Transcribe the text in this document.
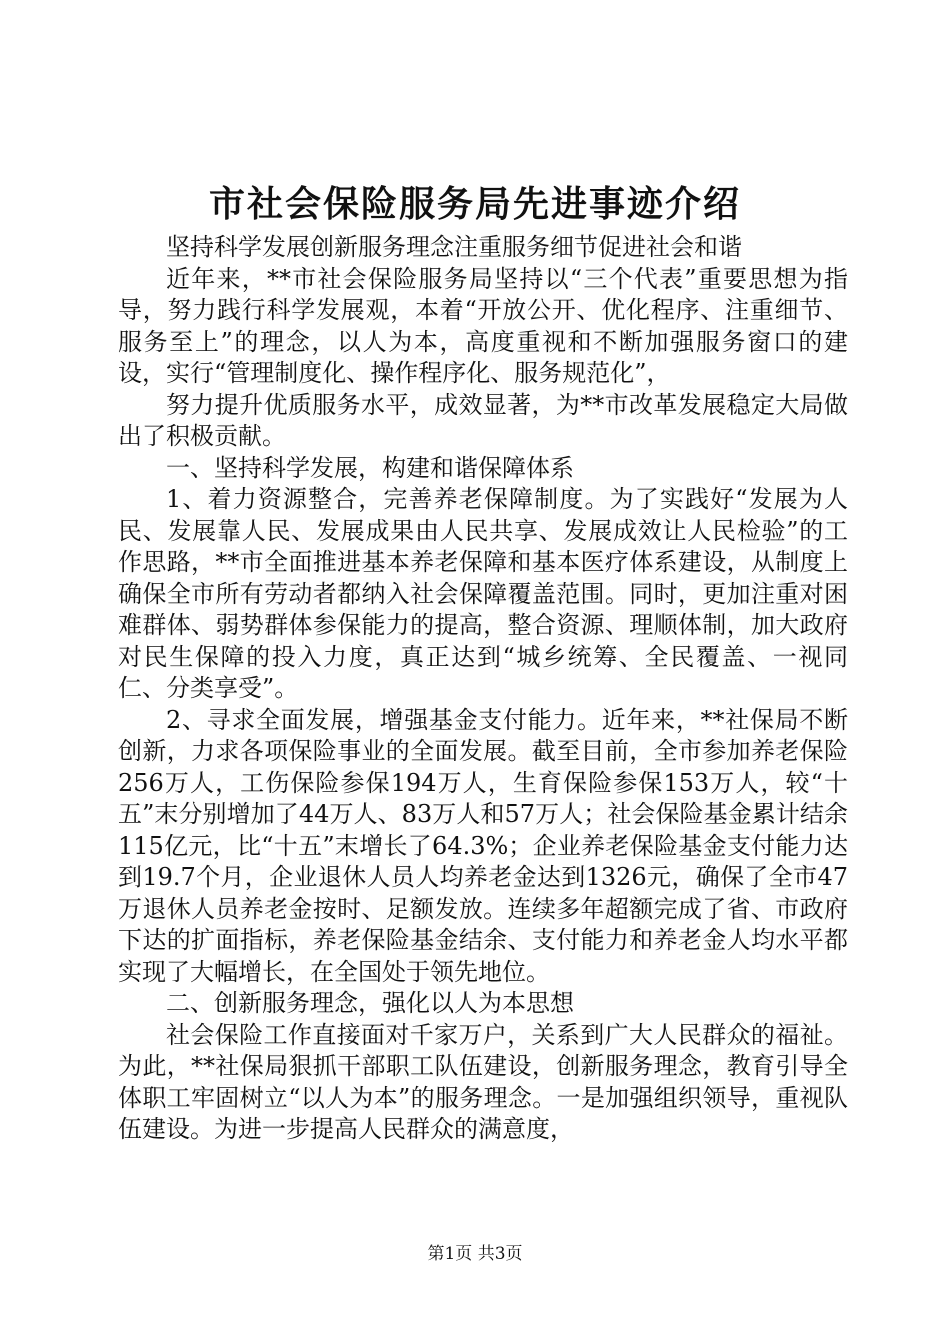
市社会保险服务局先进事迹介绍

坚持科学发展创新服务理念注重服务细节促进社会和谐

近年来，**市社会保险服务局坚持以“三个代表”重要思想为指导，努力践行科学发展观，本着“开放公开、优化程序、注重细节、服务至上”的理念，以人为本，高度重视和不断加强服务窗口的建设，实行“管理制度化、操作程序化、服务规范化”，

努力提升优质服务水平，成效显著，为**市改革发展稳定大局做出了积极贡献。

一、坚持科学发展，构建和谐保障体系

1、着力资源整合，完善养老保障制度。为了实践好“发展为人民、发展靠人民、发展成果由人民共享、发展成效让人民检验”的工作思路，**市全面推进基本养老保障和基本医疗体系建设，从制度上确保全市所有劳动者都纳入社会保障覆盖范围。同时，更加注重对困难群体、弱势群体参保能力的提高，整合资源、理顺体制，加大政府对民生保障的投入力度，真正达到“城乡统筹、全民覆盖、一视同仁、分类享受”。

2、寻求全面发展，增强基金支付能力。近年来，**社保局不断创新，力求各项保险事业的全面发展。截至目前，全市参加养老保险256万人，工伤保险参保194万人，生育保险参保153万人，较“十五”末分别增加了44万人、83万人和57万人；社会保险基金累计结余115亿元，比“十五”末增长了64.3%；企业养老保险基金支付能力达到19.7个月，企业退休人员人均养老金达到1326元，确保了全市47万退休人员养老金按时、足额发放。连续多年超额完成了省、市政府下达的扩面指标，养老保险基金结余、支付能力和养老金人均水平都实现了大幅增长，在全国处于领先地位。

二、创新服务理念，强化以人为本思想

社会保险工作直接面对千家万户，关系到广大人民群众的福祉。为此，**社保局狠抓干部职工队伍建设，创新服务理念，教育引导全体职工牢固树立“以人为本”的服务理念。一是加强组织领导，重视队伍建设。为进一步提高人民群众的满意度，

第1页 共3页
